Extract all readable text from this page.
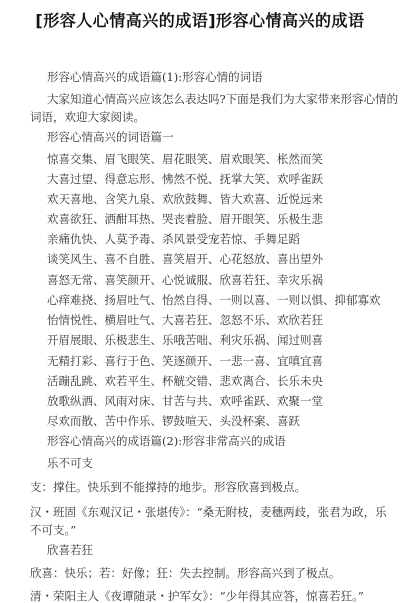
[形容人心情高兴的成语]形容心情高兴的成语
形容心情高兴的成语篇(1):形容心情的词语
大家知道心情高兴应该怎么表达吗?下面是我们为大家带来形容心情的
词语，欢迎大家阅读。
形容心情高兴的词语篇一
惊喜交集、眉飞眼笑、眉花眼笑、眉欢眼笑、枨然而笑
大喜过望、得意忘形、怫然不悦、抚掌大笑、欢呼雀跃
欢天喜地、含笑九泉、欢欣鼓舞、皆大欢喜、近悦远来
欢喜欲狂、洒酣耳热、哭丧着脸、眉开眼笑、乐极生悲
亲痛仇快、人莫予毒、杀风景受宠若惊、手舞足蹈
谈笑风生、喜不自胜、喜笑眉开、心花怒放、喜出望外
喜怒无常、喜笑颜开、心悦诚服、欣喜若狂、幸灾乐祸
心痒难挠、扬眉吐气、怡然自得、一则以喜、一则以惧、抑郁寡欢
怡情悦性、横眉吐气、大喜若狂、忽怒不乐、欢欣若狂
开眉展眼、乐极悲生、乐哦苦咄、利灾乐祸、闻过则喜
无精打彩、喜行于色、笑逐颜开、一悲一喜、宜嗔宜喜
活蹦乱跳、欢若平生、杯觥交错、悲欢离合、长乐未央
放歌纵酒、风雨对床、甘苦与共、欢呼雀跃、欢聚一堂
尽欢而散、苦中作乐、锣鼓喧天、头没杯案、喜跃
形容心情高兴的成语篇(2):形容非常高兴的成语
乐不可支
支：撑住。快乐到不能撑持的地步。形容欣喜到极点。
汉・班固《东观汉记・张堪传》：“桑无附枝，麦穗两歧，张君为政，乐
不可支。”
欣喜若狂
欣喜：快乐；若：好像；狂：失去控制。形容高兴到了极点。
清・荣阳主人《夜谭随录・护军女》：“少年得其应答，惊喜若狂。”
